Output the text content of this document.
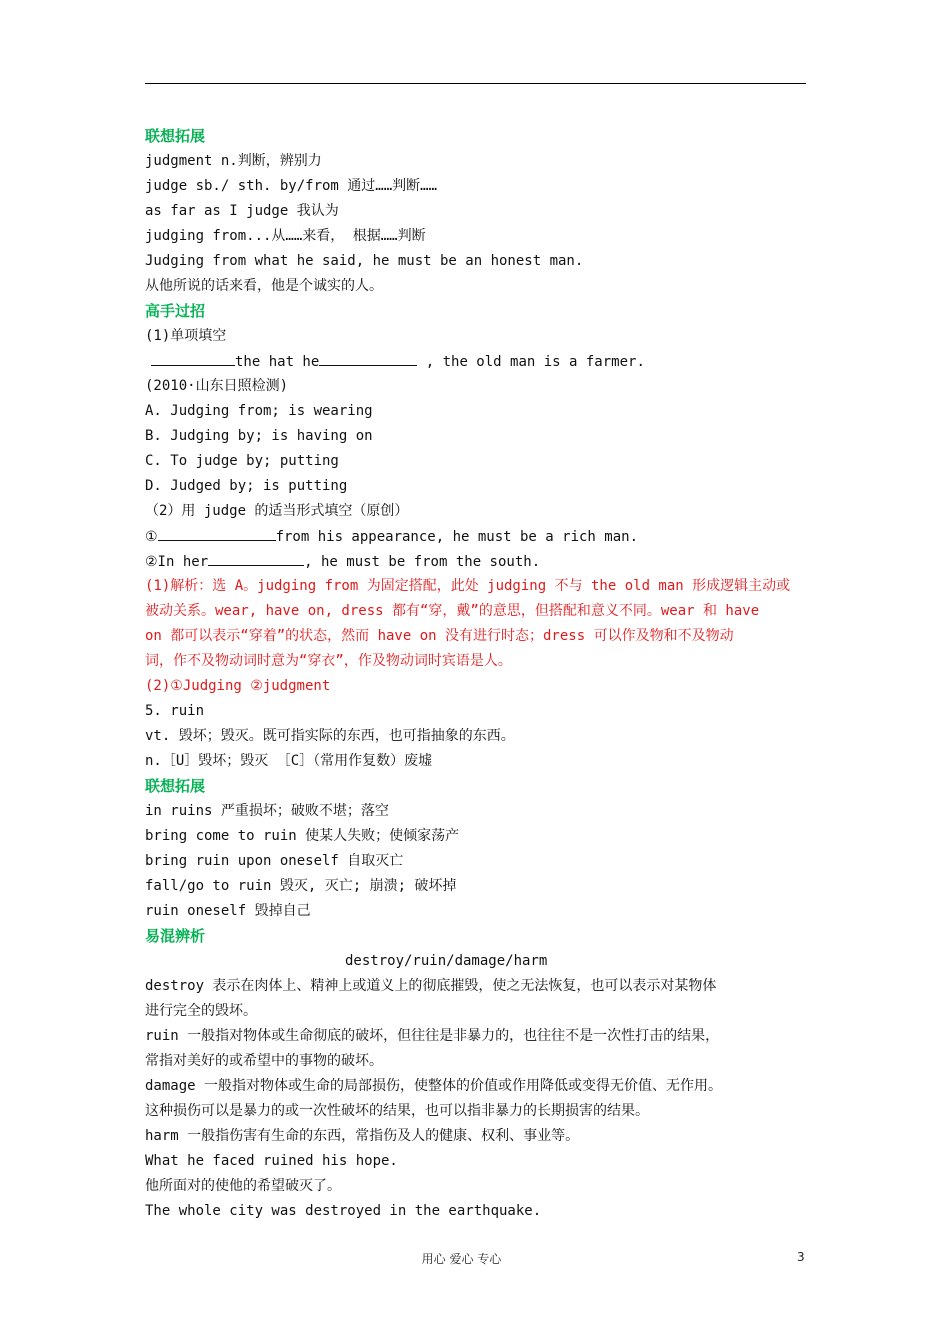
联想拓展
judgment n.判断，辨别力
judge sb./ sth. by/from 通过……判断……
as far as I judge 我认为
judging from...从……来看， 根据……判断
Judging from what he said, he must be an honest man.
从他所说的话来看，他是个诚实的人。
高手过招
(1)单项填空
the hat he	, the old man is a farmer.
(2010·山东日照检测)
A. Judging from; is wearing
B. Judging by; is having on
C. To judge by; putting
D. Judged by; is putting
（2）用 judge 的适当形式填空（原创）
①	from his appearance, he must be a rich man.
②In her	, he must be from the south.
(1)解析：选 A。judging from 为固定搭配，此处 judging 不与 the old man 形成逻辑主动或
被动关系。wear, have on, dress 都有“穿，戴”的意思，但搭配和意义不同。wear 和 have
on 都可以表示“穿着”的状态，然而 have on 没有进行时态；dress 可以作及物和不及物动
词，作不及物动词时意为“穿衣”，作及物动词时宾语是人。
(2)①Judging ②judgment
5. ruin
vt. 毁坏；毁灭。既可指实际的东西，也可指抽象的东西。
n.［U］毁坏；毁灭 ［C］（常用作复数）废墟
联想拓展
in ruins 严重损坏；破败不堪；落空
bring come to ruin 使某人失败；使倾家荡产
bring ruin upon oneself 自取灭亡
fall/go to ruin 毁灭, 灭亡; 崩溃; 破坏掉
ruin oneself 毁掉自己
易混辨析
destroy/ruin/damage/harm
destroy 表示在肉体上、精神上或道义上的彻底摧毁，使之无法恢复，也可以表示对某物体
进行完全的毁坏。
ruin 一般指对物体或生命彻底的破坏，但往往是非暴力的，也往往不是一次性打击的结果，
常指对美好的或希望中的事物的破坏。
damage 一般指对物体或生命的局部损伤，使整体的价值或作用降低或变得无价值、无作用。
这种损伤可以是暴力的或一次性破坏的结果，也可以指非暴力的长期损害的结果。
harm 一般指伤害有生命的东西，常指伤及人的健康、权利、事业等。
What he faced ruined his hope.
他所面对的使他的希望破灭了。
The whole city was destroyed in the earthquake.
用心 爱心 专心	3
